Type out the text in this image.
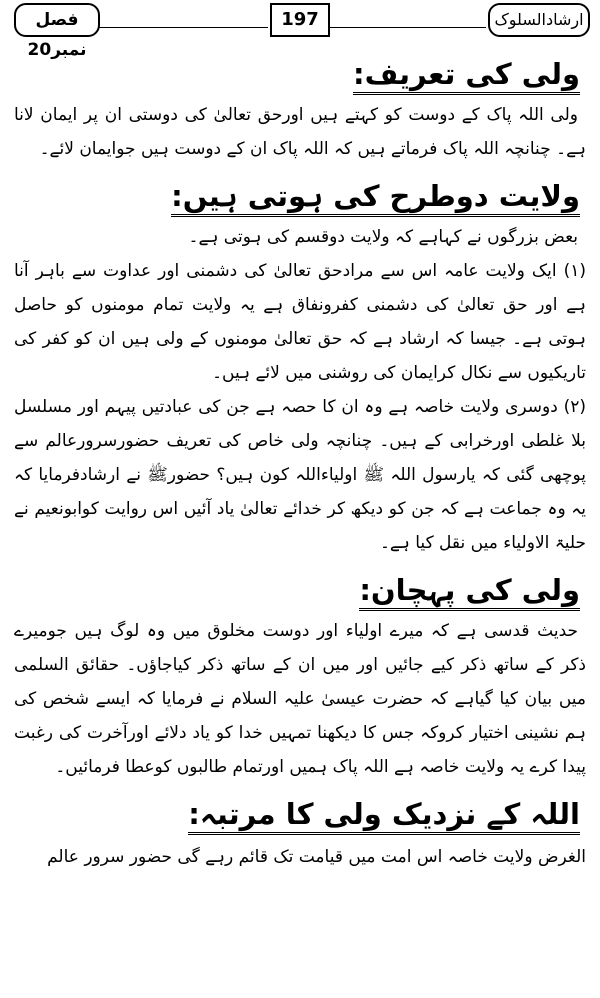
فصل نمبر20
197	ارشادالسلوک
ولی کی تعریف:

ولی اللہ پاک کے دوست کو کہتے ہیں اورحق تعالیٰ کی دوستی ان پر ایمان لانا ہے۔ چنانچہ اللہ پاک فرماتے ہیں کہ اللہ پاک ان کے دوست ہیں جوایمان لائے۔

ولایت دوطرح کی ہوتی ہیں:

بعض بزرگوں نے کہاہے کہ ولایت دوقسم کی ہوتی ہے۔

(۱) ایک ولایت عامہ اس سے مرادحق تعالیٰ کی دشمنی اور عداوت سے باہر آنا ہے اور حق تعالیٰ کی دشمنی کفرونفاق ہے یہ ولایت تمام مومنوں کو حاصل ہوتی ہے۔ جیسا کہ ارشاد ہے کہ حق تعالیٰ مومنوں کے ولی ہیں ان کو کفر کی تاریکیوں سے نکال کرایمان کی روشنی میں لائے ہیں۔

(۲) دوسری ولایت خاصہ ہے وہ ان کا حصہ ہے جن کی عبادتیں پیہم اور مسلسل بلا غلطی اورخرابی کے ہیں۔ چنانچہ ولی خاص کی تعریف حضورسرورعالم سے پوچھی گئی کہ یارسول اللہ ﷺ اولیاءاللہ کون ہیں؟ حضورﷺ نے ارشادفرمایا کہ یہ وہ جماعت ہے کہ جن کو دیکھ کر خدائے تعالیٰ یاد آئیں اس روایت کوابونعیم نے حلیۃ الاولیاء میں نقل کیا ہے۔

ولی کی پہچان:

حدیث قدسی ہے کہ میرے اولیاء اور دوست مخلوق میں وہ لوگ ہیں جومیرے ذکر کے ساتھ ذکر کیے جائیں اور میں ان کے ساتھ ذکر کیاجاؤں۔ حقائق السلمی میں بیان کیا گیاہے کہ حضرت عیسیٰ علیہ السلام نے فرمایا کہ ایسے شخص کی ہم نشینی اختیار کروکہ جس کا دیکھنا تمہیں خدا کو یاد دلائے اورآخرت کی رغبت پیدا کرے یہ ولایت خاصہ ہے اللہ پاک ہمیں اورتمام طالبوں کوعطا فرمائیں۔

اللہ کے نزدیک ولی کا مرتبہ:

الغرض ولایت خاصہ اس امت میں قیامت تک قائم رہے گی حضور سرور عالم
